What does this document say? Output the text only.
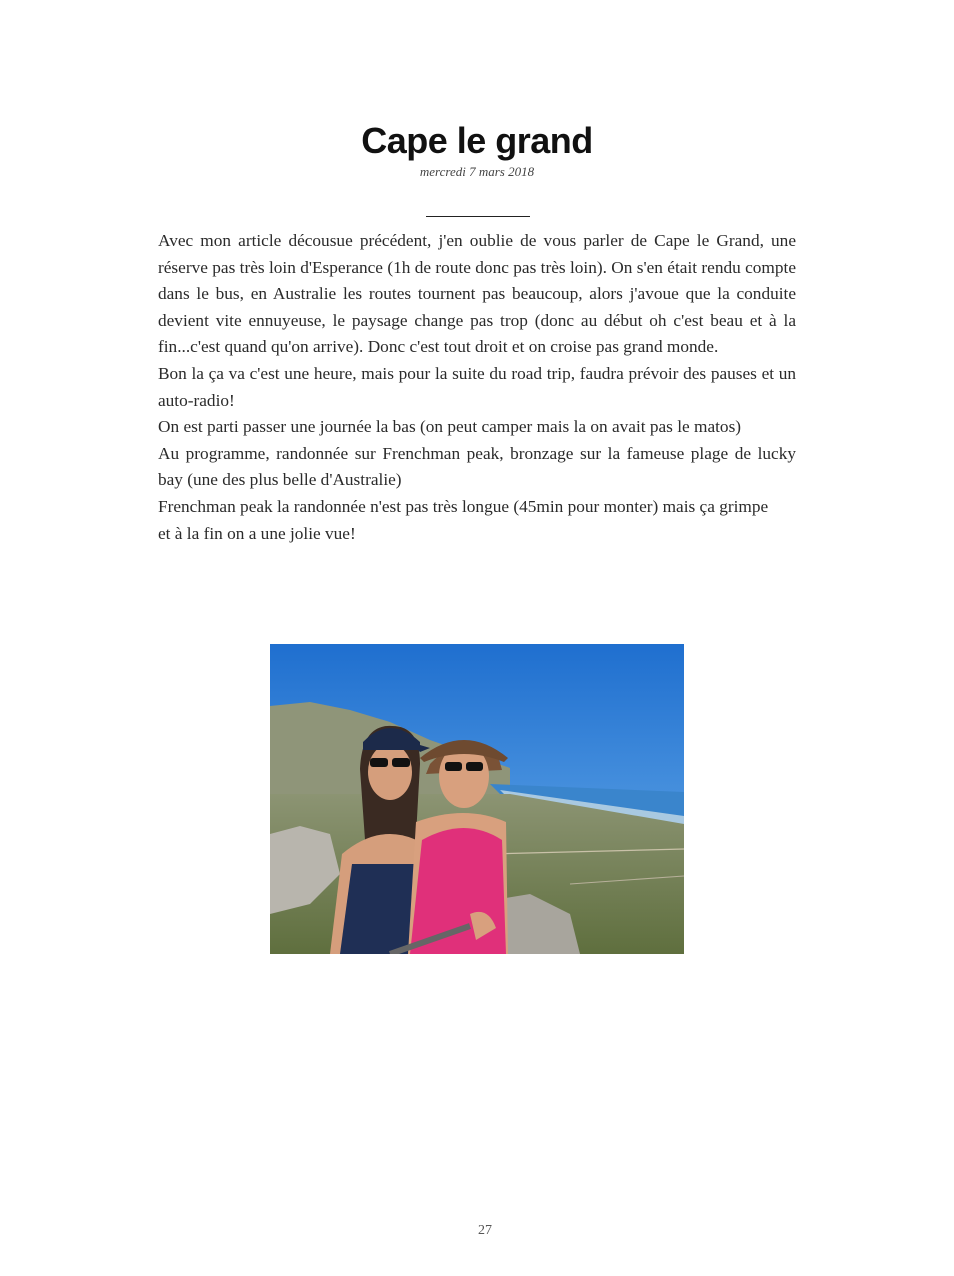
Cape le grand
mercredi 7 mars 2018

Avec mon article décousue précédent, j'en oublie de vous parler de Cape le Grand, une réserve pas très loin d'Esperance (1h de route donc pas très loin). On s'en était rendu compte dans le bus, en Australie les routes tournent pas beaucoup, alors j'avoue que la conduite devient vite ennuyeuse, le paysage change pas trop (donc au début oh c'est beau et à la fin...c'est quand qu'on arrive). Donc c'est tout droit et on croise pas grand monde.

Bon la ça va c'est une heure, mais pour la suite du road trip, faudra prévoir des pauses et un auto-radio!

On est parti passer une journée la bas (on peut camper mais la on avait pas le matos)

Au programme, randonnée sur Frenchman peak, bronzage sur la fameuse plage de lucky bay (une des plus belle d'Australie)

Frenchman peak la randonnée n'est pas très longue (45min pour monter) mais ça grimpe

et à la fin on a une jolie vue!

27
